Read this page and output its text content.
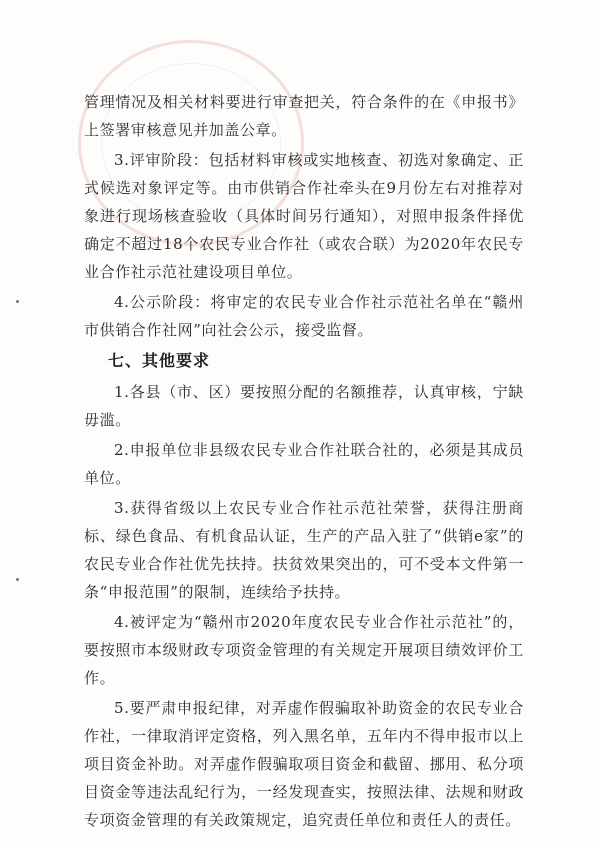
管理情况及相关材料要进行审查把关，符合条件的在《申报书》上签署审核意见并加盖公章。

3.评审阶段：包括材料审核或实地核查、初选对象确定、正式候选对象评定等。由市供销合作社牵头在9月份左右对推荐对象进行现场核查验收（具体时间另行通知），对照申报条件择优确定不超过18个农民专业合作社（或农合联）为2020年农民专业合作社示范社建设项目单位。

4.公示阶段：将审定的农民专业合作社示范社名单在“赣州市供销合作社网”向社会公示，接受监督。

七、其他要求

1.各县（市、区）要按照分配的名额推荐，认真审核，宁缺毋滥。

2.申报单位非县级农民专业合作社联合社的，必须是其成员单位。

3.获得省级以上农民专业合作社示范社荣誉，获得注册商标、绿色食品、有机食品认证，生产的产品入驻了“供销e家”的农民专业合作社优先扶持。扶贫效果突出的，可不受本文件第一条“申报范围”的限制，连续给予扶持。

4.被评定为“赣州市2020年度农民专业合作社示范社”的，要按照市本级财政专项资金管理的有关规定开展项目绩效评价工作。

5.要严肃申报纪律，对弄虚作假骗取补助资金的农民专业合作社，一律取消评定资格，列入黑名单，五年内不得申报市以上项目资金补助。对弄虚作假骗取项目资金和截留、挪用、私分项目资金等违法乱纪行为，一经发现查实，按照法律、法规和财政专项资金管理的有关政策规定，追究责任单位和责任人的责任。
